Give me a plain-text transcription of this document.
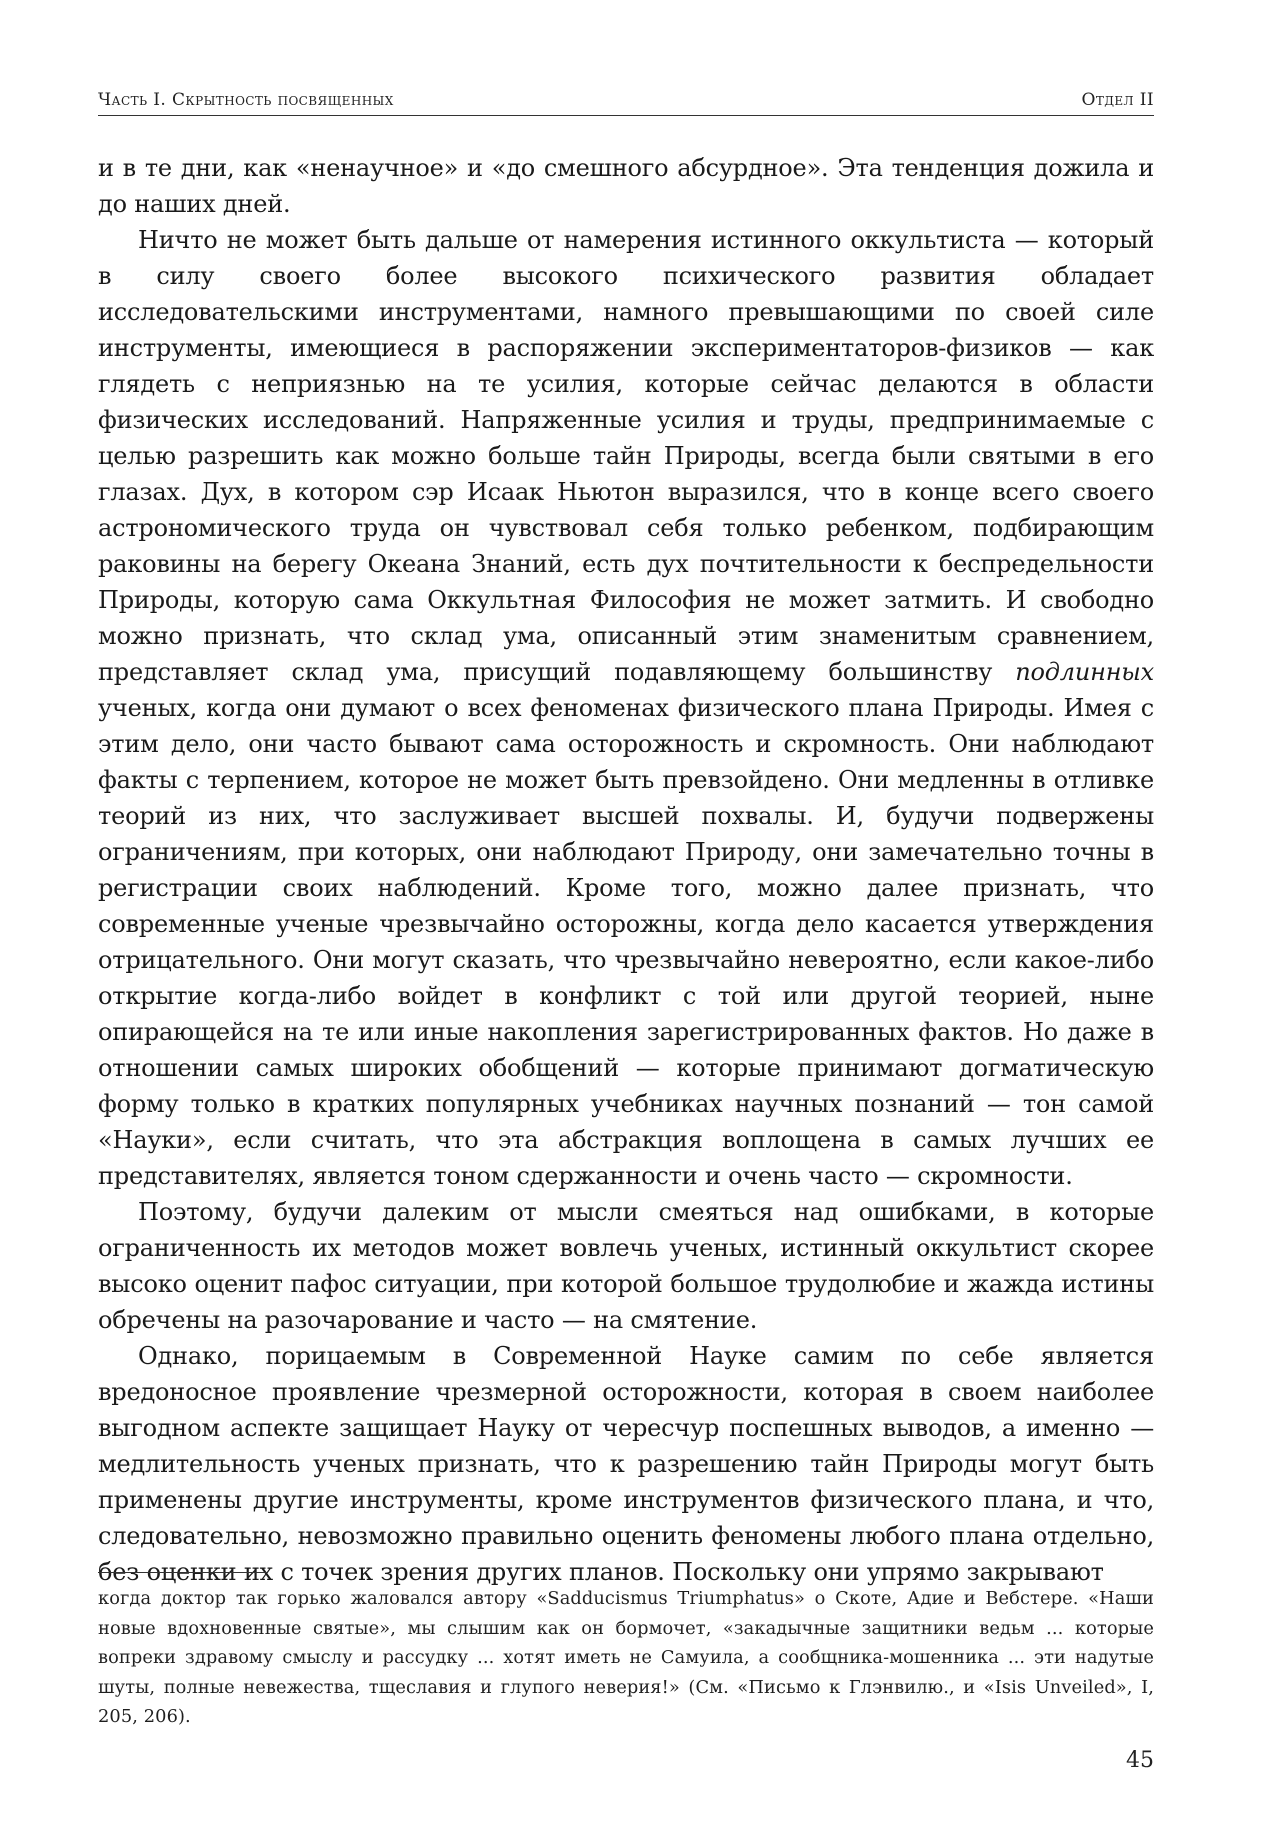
Часть I. Скрытность посвященных	Отдел II

и в те дни, как «ненаучное» и «до смешного абсурдное». Эта тенденция дожила и до наших дней.

Ничто не может быть дальше от намерения истинного оккультиста — который в силу своего более высокого психического развития обладает исследовательскими инструментами, намного превышающими по своей силе инструменты, имеющиеся в распоряжении экспериментаторов-физиков — как глядеть с неприязнью на те усилия, которые сейчас делаются в области физических исследований. Напряженные усилия и труды, предпринимаемые с целью разрешить как можно больше тайн Природы, всегда были святыми в его глазах. Дух, в котором сэр Исаак Ньютон выразился, что в конце всего своего астрономического труда он чувствовал себя только ребенком, подбирающим раковины на берегу Океана Знаний, есть дух почтительности к беспредельности Природы, которую сама Оккультная Философия не может затмить. И свободно можно признать, что склад ума, описанный этим знаменитым сравнением, представляет склад ума, присущий подавляющему большинству подлинных ученых, когда они думают о всех феноменах физического плана Природы. Имея с этим дело, они часто бывают сама осторожность и скромность. Они наблюдают факты с терпением, которое не может быть превзойдено. Они медленны в отливке теорий из них, что заслуживает высшей похвалы. И, будучи подвержены ограничениям, при которых, они наблюдают Природу, они замечательно точны в регистрации своих наблюдений. Кроме того, можно далее признать, что современные ученые чрезвычайно осторожны, когда дело касается утверждения отрицательного. Они могут сказать, что чрезвычайно невероятно, если какое-либо открытие когда-либо войдет в конфликт с той или другой теорией, ныне опирающейся на те или иные накопления зарегистрированных фактов. Но даже в отношении самых широких обобщений — которые принимают догматическую форму только в кратких популярных учебниках научных познаний — тон самой «Науки», если считать, что эта абстракция воплощена в самых лучших ее представителях, является тоном сдержанности и очень часто — скромности.

Поэтому, будучи далеким от мысли смеяться над ошибками, в которые ограниченность их методов может вовлечь ученых, истинный оккультист скорее высоко оценит пафос ситуации, при которой большое трудолюбие и жажда истины обречены на разочарование и часто — на смятение.

Однако, порицаемым в Современной Науке самим по себе является вредоносное проявление чрезмерной осторожности, которая в своем наиболее выгодном аспекте защищает Науку от чересчур поспешных выводов, а именно — медлительность ученых признать, что к разрешению тайн Природы могут быть применены другие инструменты, кроме инструментов физического плана, и что, следовательно, невозможно правильно оценить феномены любого плана отдельно, без оценки их с точек зрения других планов. Поскольку они упрямо закрывают

когда доктор так горько жаловался автору «Sadducismus Triumphatus» о Скоте, Адие и Вебстере. «Наши новые вдохновенные святые», мы слышим как он бормочет, «закадычные защитники ведьм ... которые вопреки здравому смыслу и рассудку ... хотят иметь не Самуила, а сообщника-мошенника ... эти надутые шуты, полные невежества, тщеславия и глупого неверия!» (См. «Письмо к Глэнвилю., и «Isis Unveiled», I, 205, 206).

45
